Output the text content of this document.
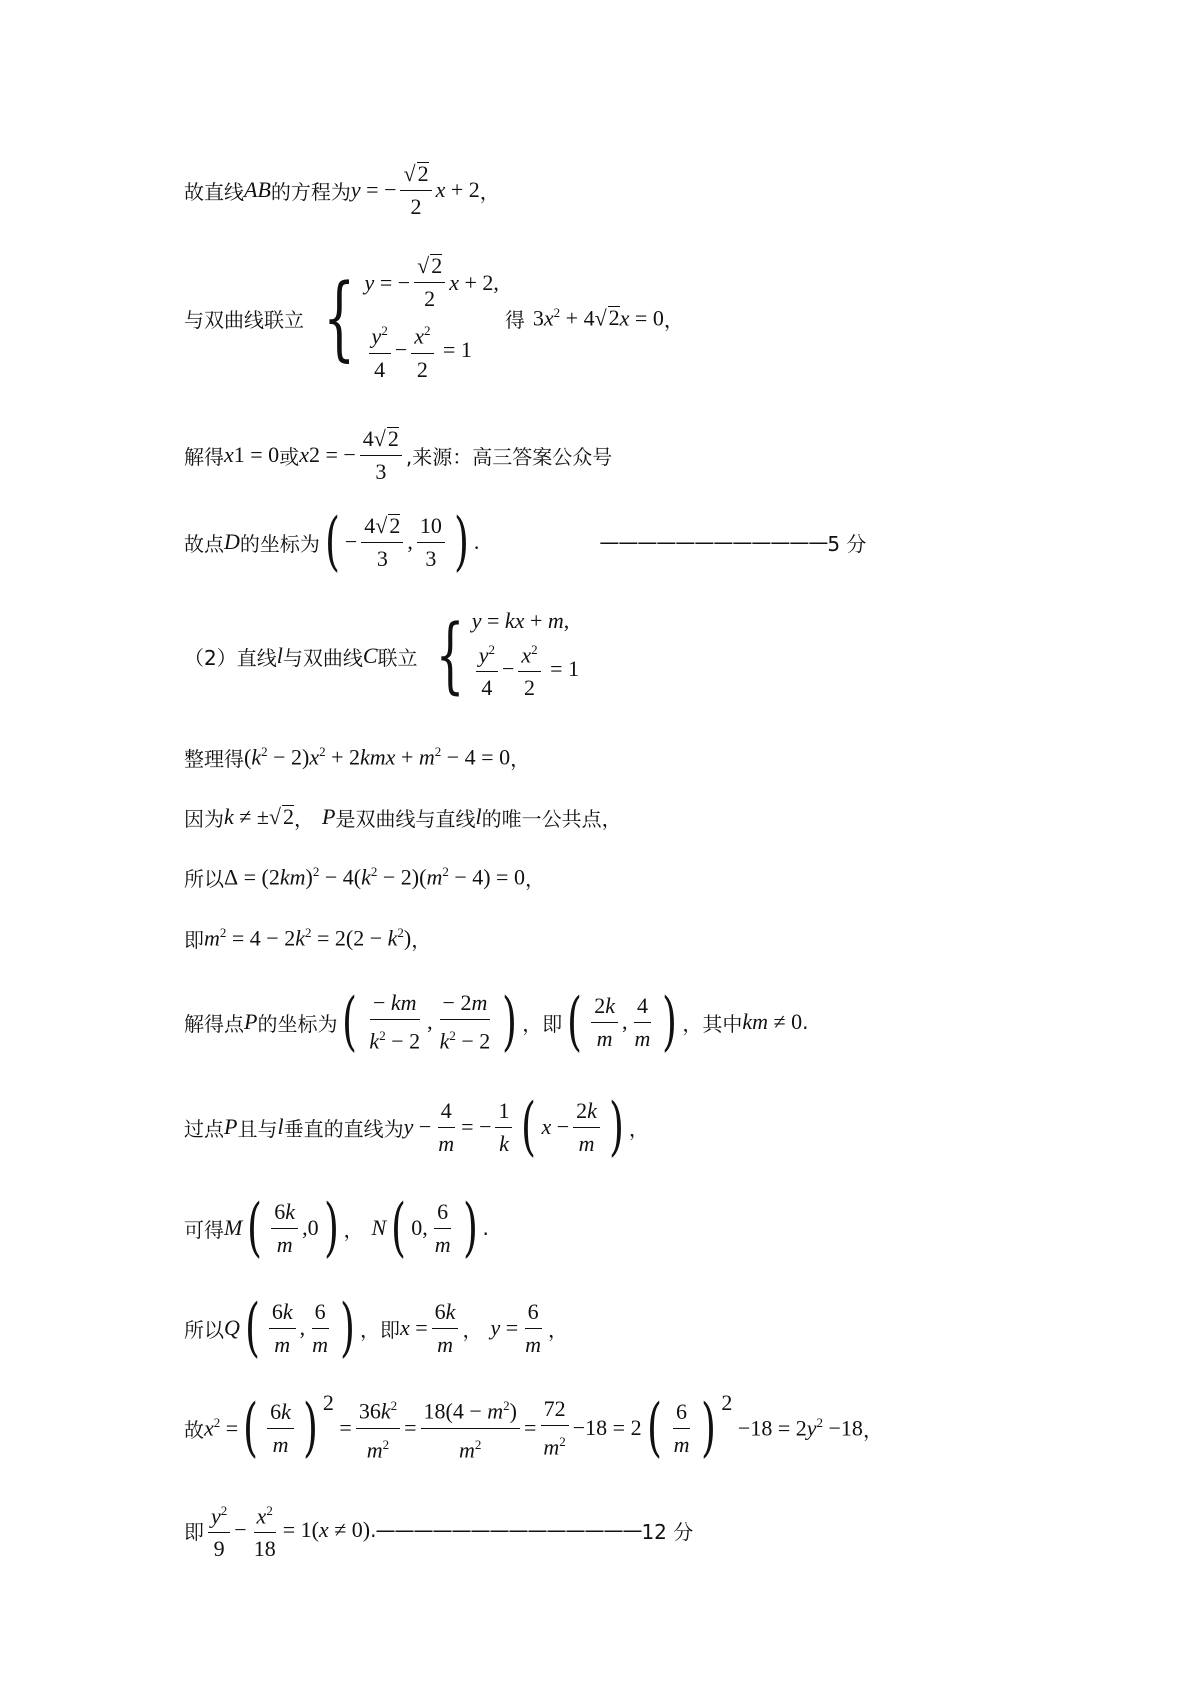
故直线 AB 的方程为 y = − $\frac{√2}{2}$ x + 2 ，
与双曲线联立 { y = − $\frac{√2}{2}$ x + 2,
$\frac{y^2}{4} - \frac{x^2}{2} = 1$
得 $3x^2 + 4√2x = 0$ ，
解得 x 1 = 0 或 x 2 = − $\frac{4√2}{3}$ ,来源：高三答案公众号
故点 D 的坐标为 ( − $\frac{4√2}{3}$ , $\frac{10}{3}$ ) .	———————————— 5 分
（2）直线 l 与双曲线 C 联立 { y = kx + m,
$\frac{y^2}{4} - \frac{x^2}{2} = 1$
整理得 $(k^2 - 2)x^2 + 2kmx + m^2 - 4 = 0$ ，
因为 k ≠ ±√2 ， P 是双曲线与直线 l 的唯一公共点，
所以 $\Delta = (2km)^2 - 4(k^2 - 2)(m^2 - 4) = 0$ ，
即 $m^2 = 4 - 2k^2 = 2(2 - k^2)$ ，
解得点 P 的坐标为 ( $\frac{- km}{k^2 - 2}$ , $\frac{- 2m}{k^2 - 2}$ ) ，即 ( $\frac{2k}{m}$ , $\frac{4}{m}$ ) ，其中 km ≠ 0 .
过点 P 且与 l 垂直的直线为 $y - \frac{4}{m}$ = − $\frac{1}{k}$ ( $x - \frac{2k}{m}$ ) ，
可得 M ( $\frac{6k}{m} ,0$ ) ， N ( 0, $\frac{6}{m}$ ) .
所以 Q ( $\frac{6k}{m}$ , $\frac{6}{m}$ ) ，即 $x = \frac{6k}{m}$ ， $y = \frac{6}{m}$ ，
故 $x^2$ = ( $\frac{6k}{m}$ ) 2
= $\frac{36k^2}{m^2} = \frac{18(4 - m^2)}{m^2} = \frac{72}{m^2} -18 = 2$ ( $\frac{6}{m}$ ) 2
$-18 = 2y^2 -18$ ，
即 $\frac{y^2}{9} - \frac{x^2}{18} = 1(x \ne 0)$ .—————————————— 12 分
